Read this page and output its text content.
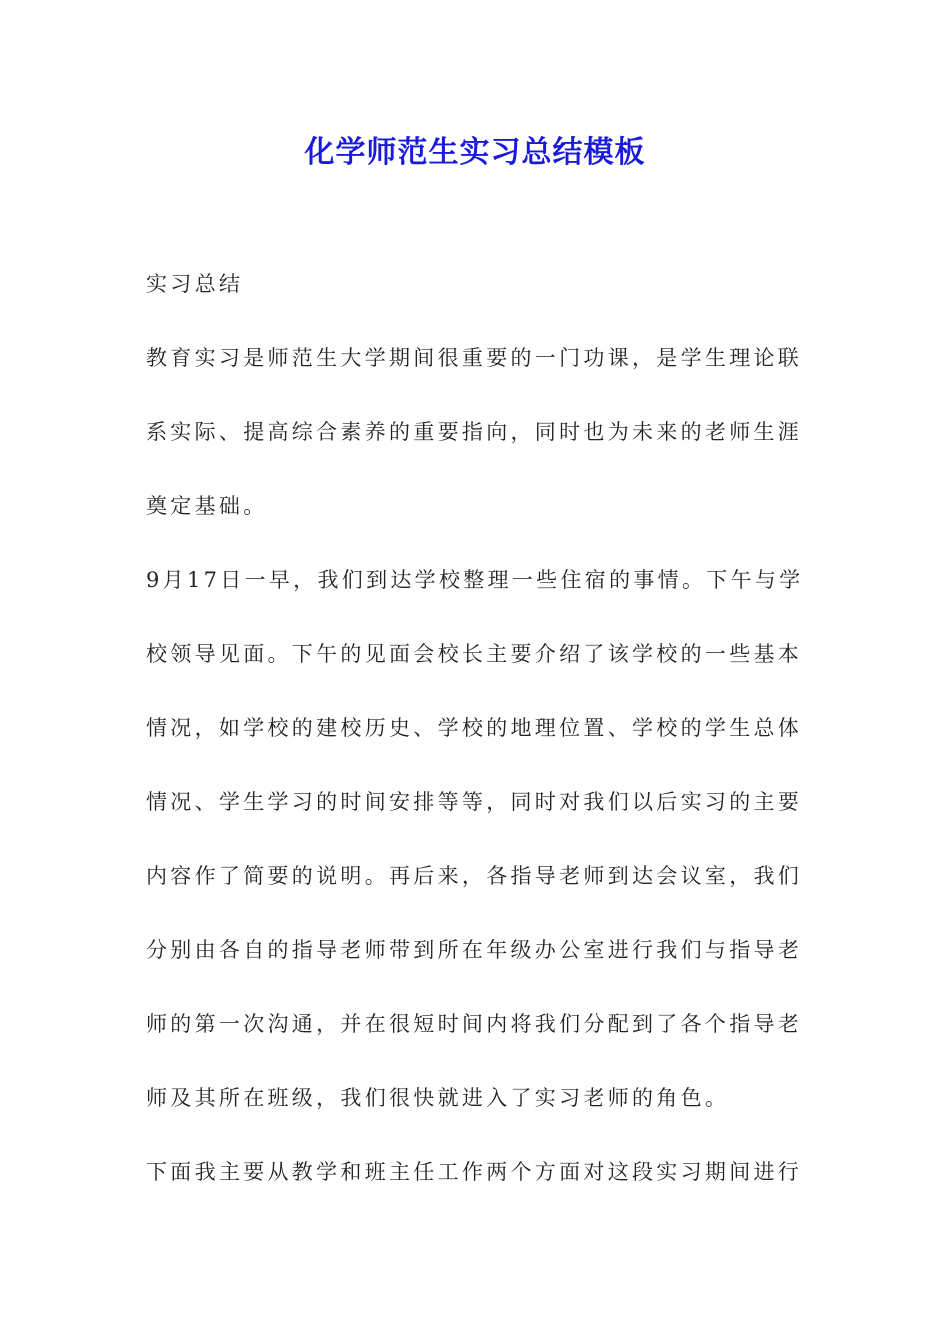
化学师范生实习总结模板
实习总结
教育实习是师范生大学期间很重要的一门功课，是学生理论联
系实际、提高综合素养的重要指向，同时也为未来的老师生涯
奠定基础。
9月17日一早，我们到达学校整理一些住宿的事情。下午与学
校领导见面。下午的见面会校长主要介绍了该学校的一些基本
情况，如学校的建校历史、学校的地理位置、学校的学生总体
情况、学生学习的时间安排等等，同时对我们以后实习的主要
内容作了简要的说明。再后来，各指导老师到达会议室，我们
分别由各自的指导老师带到所在年级办公室进行我们与指导老
师的第一次沟通，并在很短时间内将我们分配到了各个指导老
师及其所在班级，我们很快就进入了实习老师的角色。
下面我主要从教学和班主任工作两个方面对这段实习期间进行
